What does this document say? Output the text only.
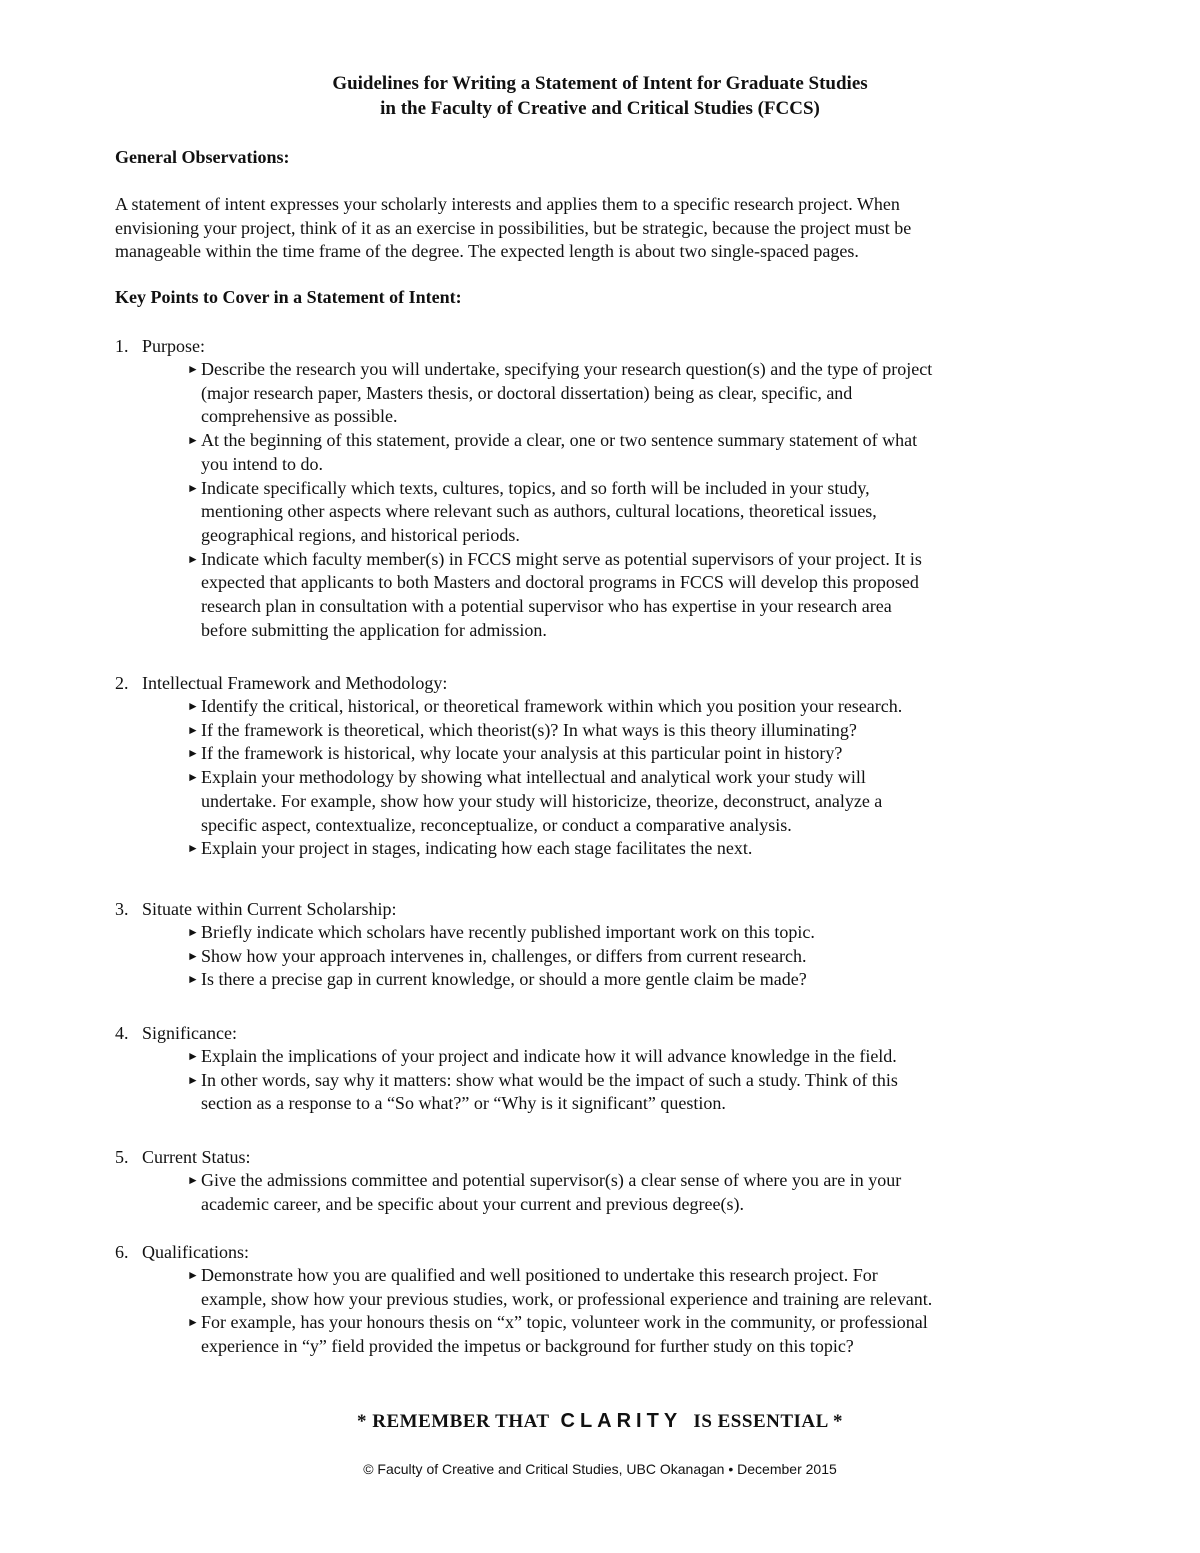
Guidelines for Writing a Statement of Intent for Graduate Studies
in the Faculty of Creative and Critical Studies (FCCS)
General Observations:
A statement of intent expresses your scholarly interests and applies them to a specific research project. When
envisioning your project, think of it as an exercise in possibilities, but be strategic, because the project must be
manageable within the time frame of the degree. The expected length is about two single-spaced pages.
Key Points to Cover in a Statement of Intent:
1. Purpose:
► Describe the research you will undertake, specifying your research question(s) and the type of project
(major research paper, Masters thesis, or doctoral dissertation) being as clear, specific, and
comprehensive as possible.
► At the beginning of this statement, provide a clear, one or two sentence summary statement of what
you intend to do.
► Indicate specifically which texts, cultures, topics, and so forth will be included in your study,
mentioning other aspects where relevant such as authors, cultural locations, theoretical issues,
geographical regions, and historical periods.
► Indicate which faculty member(s) in FCCS might serve as potential supervisors of your project. It is
expected that applicants to both Masters and doctoral programs in FCCS will develop this proposed
research plan in consultation with a potential supervisor who has expertise in your research area
before submitting the application for admission.
2. Intellectual Framework and Methodology:
► Identify the critical, historical, or theoretical framework within which you position your research.
► If the framework is theoretical, which theorist(s)? In what ways is this theory illuminating?
► If the framework is historical, why locate your analysis at this particular point in history?
► Explain your methodology by showing what intellectual and analytical work your study will
undertake. For example, show how your study will historicize, theorize, deconstruct, analyze a
specific aspect, contextualize, reconceptualize, or conduct a comparative analysis.
► Explain your project in stages, indicating how each stage facilitates the next.
3. Situate within Current Scholarship:
► Briefly indicate which scholars have recently published important work on this topic.
► Show how your approach intervenes in, challenges, or differs from current research.
► Is there a precise gap in current knowledge, or should a more gentle claim be made?
4. Significance:
► Explain the implications of your project and indicate how it will advance knowledge in the field.
► In other words, say why it matters: show what would be the impact of such a study. Think of this
section as a response to a “So what?” or “Why is it significant” question.
5. Current Status:
► Give the admissions committee and potential supervisor(s) a clear sense of where you are in your
academic career, and be specific about your current and previous degree(s).
6. Qualifications:
► Demonstrate how you are qualified and well positioned to undertake this research project. For
example, show how your previous studies, work, or professional experience and training are relevant.
► For example, has your honours thesis on “x” topic, volunteer work in the community, or professional
experience in “y” field provided the impetus or background for further study on this topic?
* REMEMBER THAT CLARITY IS ESSENTIAL *
© Faculty of Creative and Critical Studies, UBC Okanagan • December 2015
